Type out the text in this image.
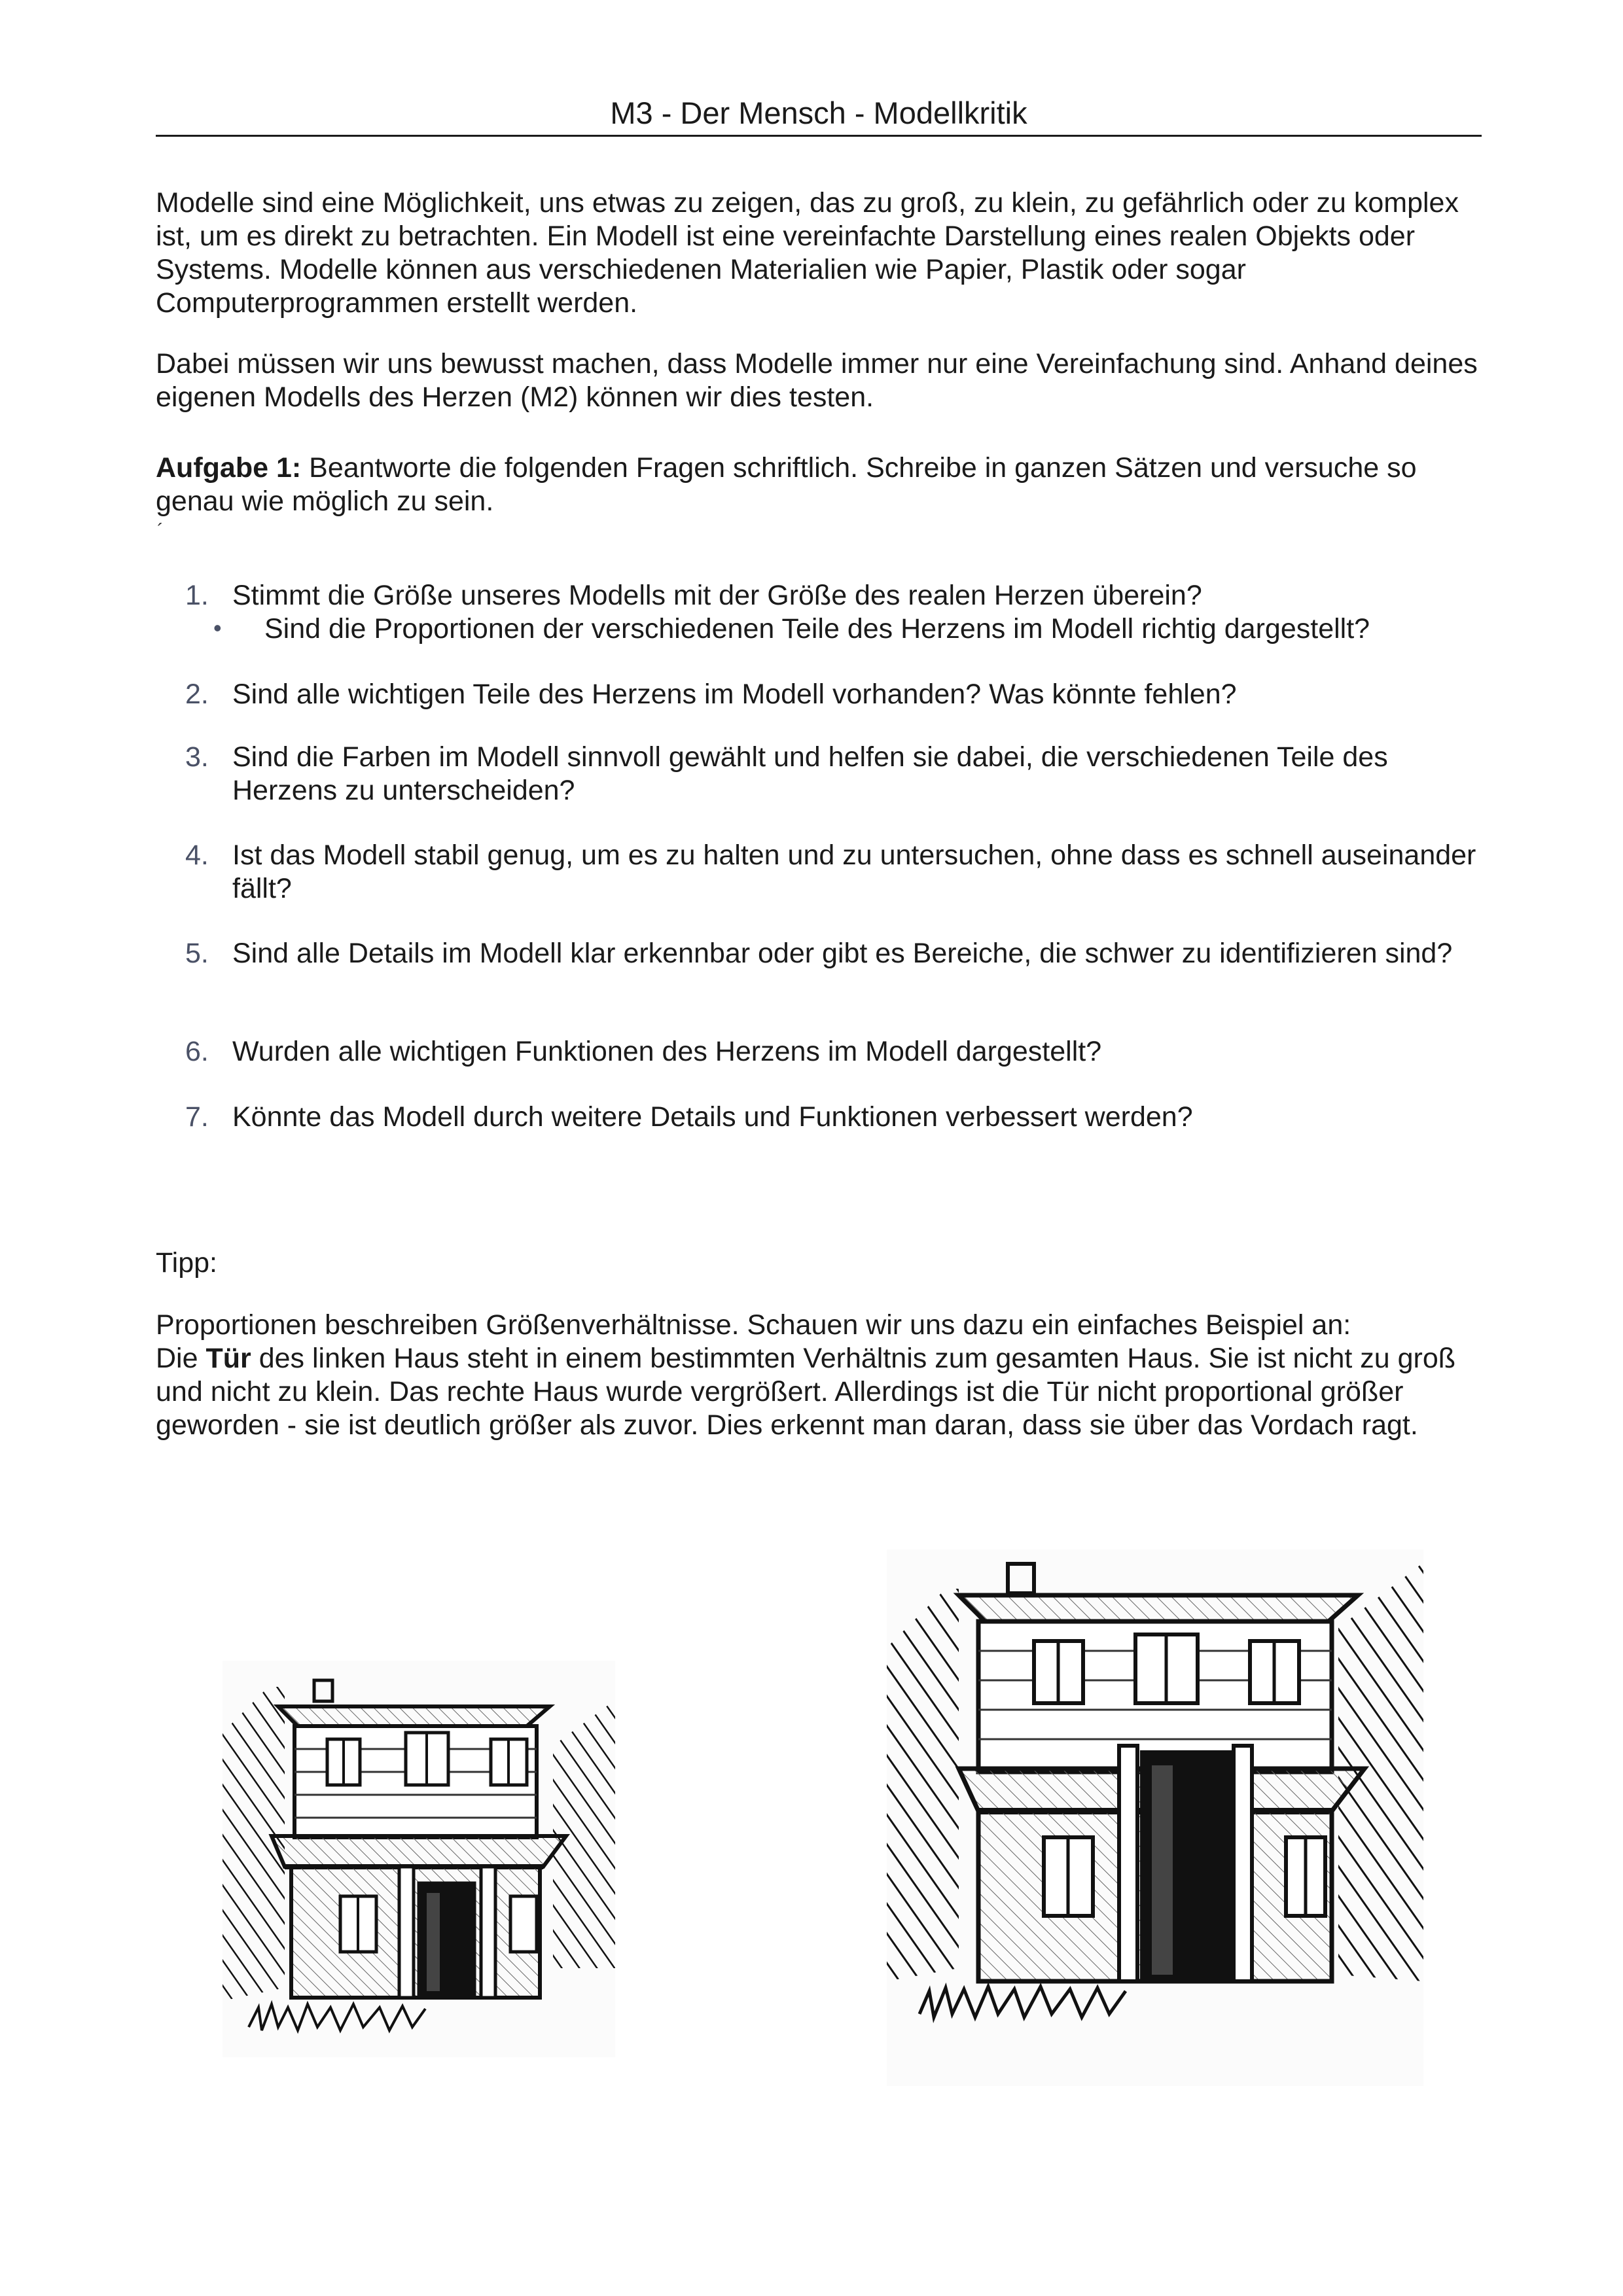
M3 - Der Mensch - Modellkritik
Modelle sind eine Möglichkeit, uns etwas zu zeigen, das zu groß, zu klein, zu gefährlich oder zu komplex ist, um es direkt zu betrachten. Ein Modell ist eine vereinfachte Darstellung eines realen Objekts oder Systems. Modelle können aus verschiedenen Materialien wie Papier, Plastik oder sogar Computerprogrammen erstellt werden.
Dabei müssen wir uns bewusst machen, dass Modelle immer nur eine Vereinfachung sind. Anhand deines eigenen Modells des Herzen (M2) können wir dies testen.
Aufgabe 1: Beantworte die folgenden Fragen schriftlich. Schreibe in ganzen Sätzen und versuche so genau wie möglich zu sein.
´
1. Stimmt die Größe unseres Modells mit der Größe des realen Herzen überein?
• Sind die Proportionen der verschiedenen Teile des Herzens im Modell richtig dargestellt?
2. Sind alle wichtigen Teile des Herzens im Modell vorhanden? Was könnte fehlen?
3. Sind die Farben im Modell sinnvoll gewählt und helfen sie dabei, die verschiedenen Teile des Herzens zu unterscheiden?
4. Ist das Modell stabil genug, um es zu halten und zu untersuchen, ohne dass es schnell auseinander fällt?
5. Sind alle Details im Modell klar erkennbar oder gibt es Bereiche, die schwer zu identifizieren sind?
6. Wurden alle wichtigen Funktionen des Herzens im Modell dargestellt?
7. Könnte das Modell durch weitere Details und Funktionen verbessert werden?
Tipp:
Proportionen beschreiben Größenverhältnisse. Schauen wir uns dazu ein einfaches Beispiel an:
Die Tür des linken Haus steht in einem bestimmten Verhältnis zum gesamten Haus. Sie ist nicht zu groß und nicht zu klein. Das rechte Haus wurde vergrößert. Allerdings ist die Tür nicht proportional größer geworden - sie ist deutlich größer als zuvor. Dies erkennt man daran, dass sie über das Vordach ragt.
